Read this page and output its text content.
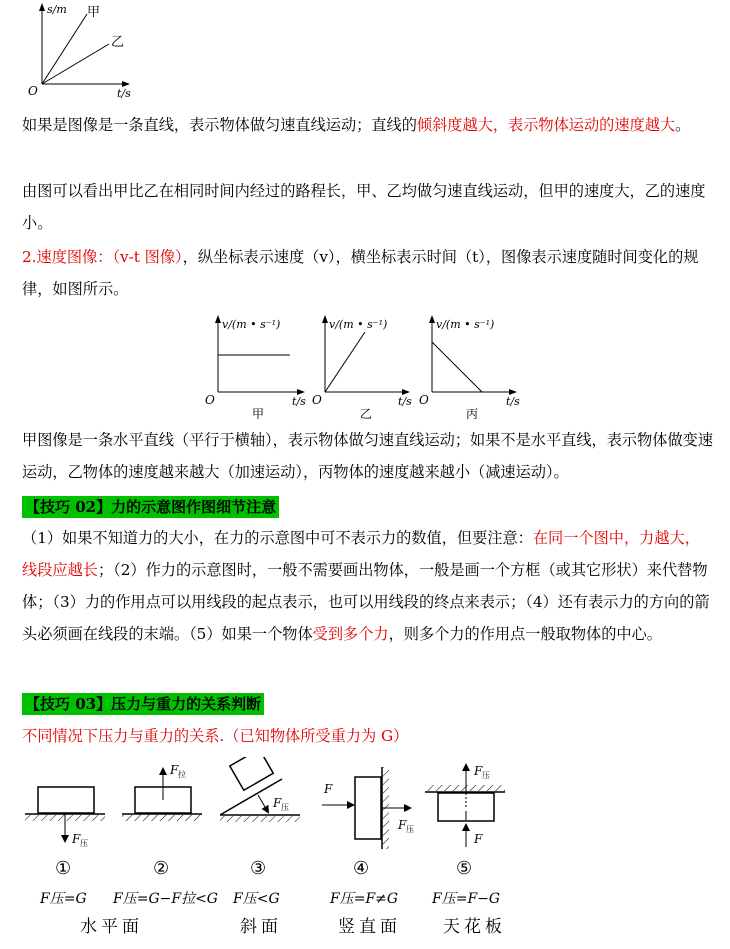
s/m
t/s
O
甲
乙
如果是图像是一条直线，表示物体做匀速直线运动；直线的倾斜度越大，表示物体运动的速度越大。
由图可以看出甲比乙在相同时间内经过的路程长，甲、乙均做匀速直线运动，但甲的速度大，乙的速度小。
2.速度图像：（v-t 图像），纵坐标表示速度（v），横坐标表示时间（t），图像表示速度随时间变化的规律，如图所示。
v/(m • s⁻¹)
t/s
O
甲
v/(m • s⁻¹)
t/s
O
乙
v/(m • s⁻¹)
t/s
O
丙
甲图像是一条水平直线（平行于横轴），表示物体做匀速直线运动；如果不是水平直线，表示物体做变速运动，乙物体的速度越来越大（加速运动），丙物体的速度越来越小（减速运动）。
【技巧 02】力的示意图作图细节注意
（1）如果不知道力的大小，在力的示意图中可不表示力的数值，但要注意：在同一个图中，力越大，线段应越长；（2）作力的示意图时，一般不需要画出物体，一般是画一个方框（或其它形状）来代替物体；（3）力的作用点可以用线段的起点表示，也可以用线段的终点来表示；（4）还有表示力的方向的箭头必须画在线段的末端。（5）如果一个物体受到多个力，则多个力的作用点一般取物体的中心。
【技巧 03】压力与重力的关系判断
不同情况下压力与重力的关系.（已知物体所受重力为 G）
F 压
F 拉
F 压
F
F 压
F 压
F
①	②	③	④	⑤
F压=G F压=G−F拉<G F压<G	F压=F≠G F压=F−G
水平面	斜面	竖直面 天花板
